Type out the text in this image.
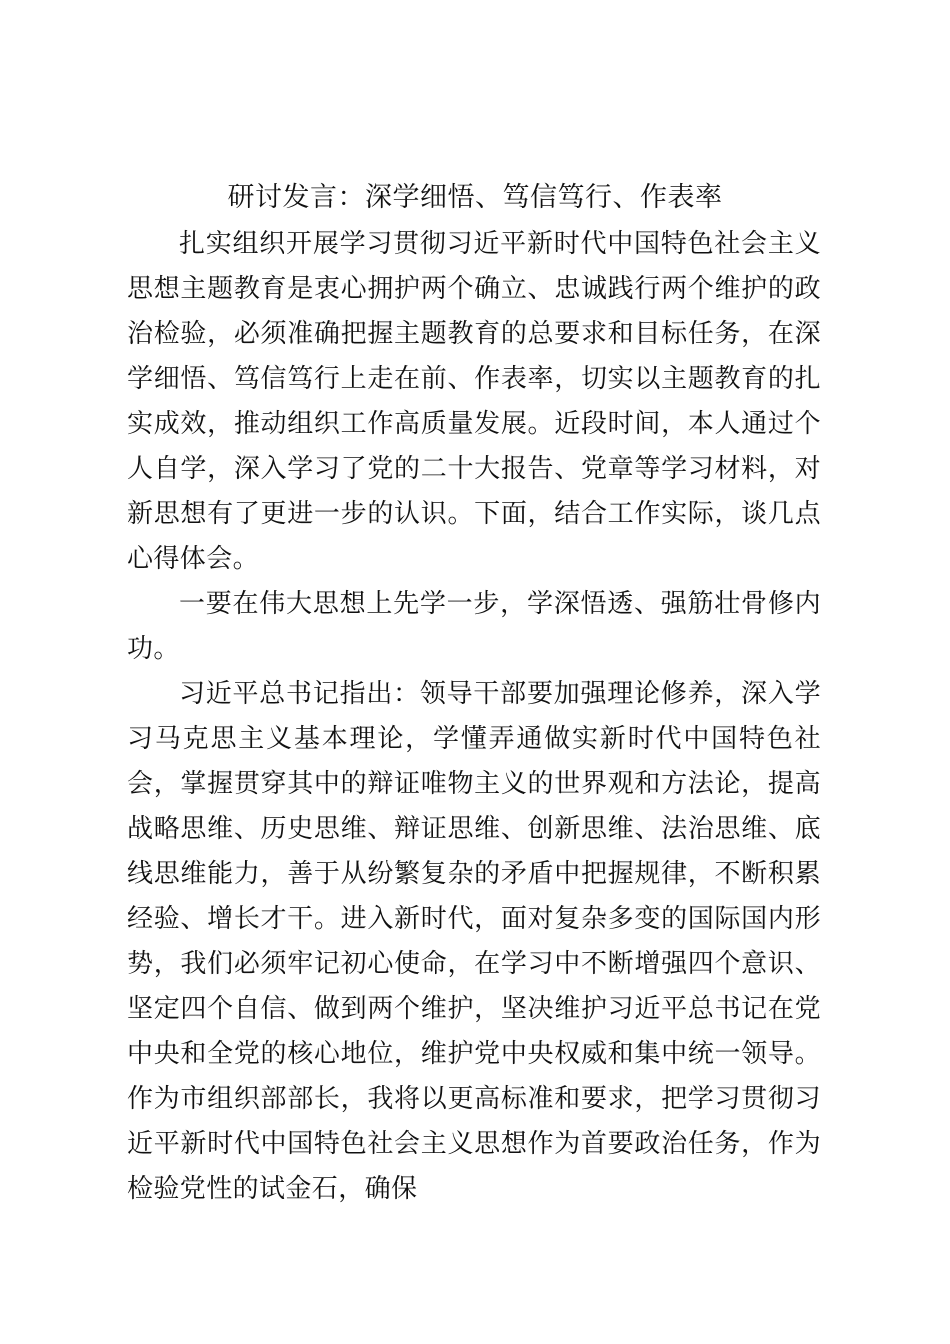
研讨发言：深学细悟、笃信笃行、作表率

扎实组织开展学习贯彻习近平新时代中国特色社会主义思想主题教育是衷心拥护两个确立、忠诚践行两个维护的政治检验，必须准确把握主题教育的总要求和目标任务，在深学细悟、笃信笃行上走在前、作表率，切实以主题教育的扎实成效，推动组织工作高质量发展。近段时间，本人通过个人自学，深入学习了党的二十大报告、党章等学习材料，对新思想有了更进一步的认识。下面，结合工作实际，谈几点心得体会。

一要在伟大思想上先学一步，学深悟透、强筋壮骨修内功。

习近平总书记指出：领导干部要加强理论修养，深入学习马克思主义基本理论，学懂弄通做实新时代中国特色社会，掌握贯穿其中的辩证唯物主义的世界观和方法论，提高战略思维、历史思维、辩证思维、创新思维、法治思维、底线思维能力，善于从纷繁复杂的矛盾中把握规律，不断积累经验、增长才干。进入新时代，面对复杂多变的国际国内形势，我们必须牢记初心使命，在学习中不断增强四个意识、坚定四个自信、做到两个维护，坚决维护习近平总书记在党中央和全党的核心地位，维护党中央权威和集中统一领导。作为市组织部部长，我将以更高标准和要求，把学习贯彻习近平新时代中国特色社会主义思想作为首要政治任务，作为检验党性的试金石，确保
